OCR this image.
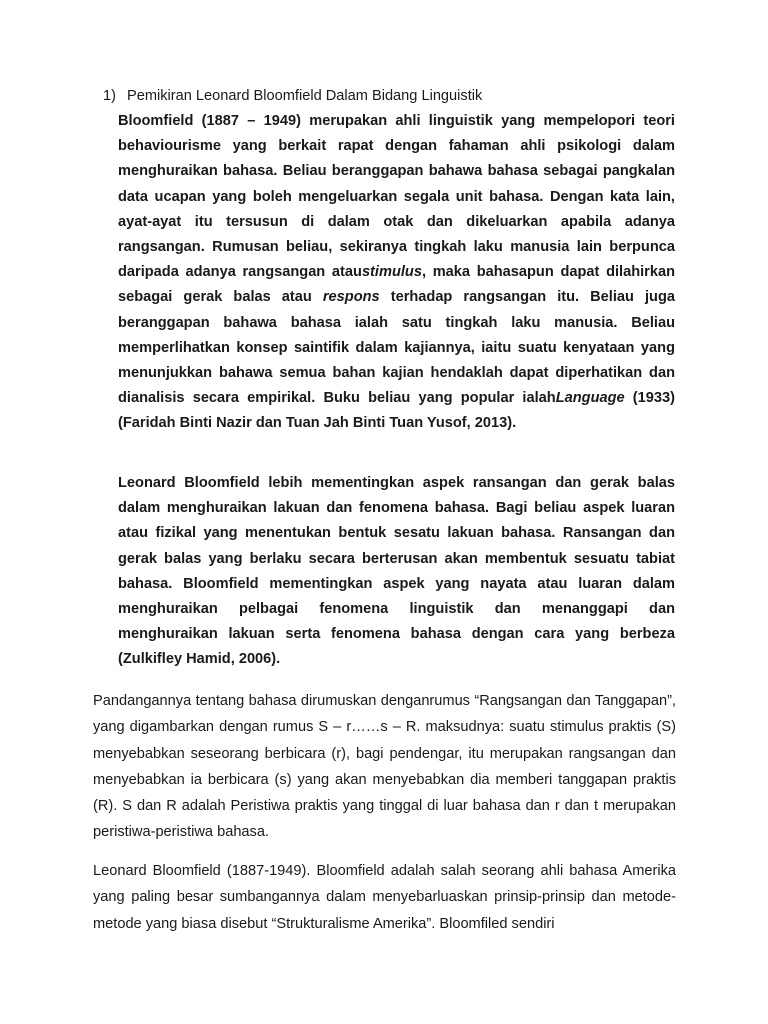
1) Pemikiran Leonard Bloomfield Dalam Bidang Linguistik

Bloomfield (1887 – 1949) merupakan ahli linguistik yang mempelopori teori behaviourisme yang berkait rapat dengan fahaman ahli psikologi dalam menghuraikan bahasa. Beliau beranggapan bahawa bahasa sebagai pangkalan data ucapan yang boleh mengeluarkan segala unit bahasa. Dengan kata lain, ayat-ayat itu tersusun di dalam otak dan dikeluarkan apabila adanya rangsangan. Rumusan beliau, sekiranya tingkah laku manusia lain berpunca daripada adanya rangsangan ataustimulus, maka bahasapun dapat dilahirkan sebagai gerak balas atau respons terhadap rangsangan itu. Beliau juga beranggapan bahawa bahasa ialah satu tingkah laku manusia. Beliau memperlihatkan konsep saintifik dalam kajiannya, iaitu suatu kenyataan yang menunjukkan bahawa semua bahan kajian hendaklah dapat diperhatikan dan dianalisis secara empirikal. Buku beliau yang popular ialahLanguage (1933) (Faridah Binti Nazir dan Tuan Jah Binti Tuan Yusof, 2013).

Leonard Bloomfield lebih mementingkan aspek ransangan dan gerak balas dalam menghuraikan lakuan dan fenomena bahasa. Bagi beliau aspek luaran atau fizikal yang menentukan bentuk sesatu lakuan bahasa. Ransangan dan gerak balas yang berlaku secara berterusan akan membentuk sesuatu tabiat bahasa. Bloomfield mementingkan aspek yang nayata atau luaran dalam menghuraikan pelbagai fenomena linguistik dan menanggapi dan menghuraikan lakuan serta fenomena bahasa dengan cara yang berbeza (Zulkifley Hamid, 2006).

Pandangannya tentang bahasa dirumuskan denganrumus “Rangsangan dan Tanggapan”, yang digambarkan dengan rumus S – r……s – R. maksudnya: suatu stimulus praktis (S) menyebabkan seseorang berbicara (r), bagi pendengar, itu merupakan rangsangan dan menyebabkan ia berbicara (s) yang akan menyebabkan dia memberi tanggapan praktis (R). S dan R adalah Peristiwa praktis yang tinggal di luar bahasa dan r dan t merupakan peristiwa-peristiwa bahasa.

Leonard Bloomfield (1887-1949). Bloomfield adalah salah seorang ahli bahasa Amerika yang paling besar sumbangannya dalam menyebarluaskan prinsip-prinsip dan metode-metode yang biasa disebut “Strukturalisme Amerika”. Bloomfiled sendiri
